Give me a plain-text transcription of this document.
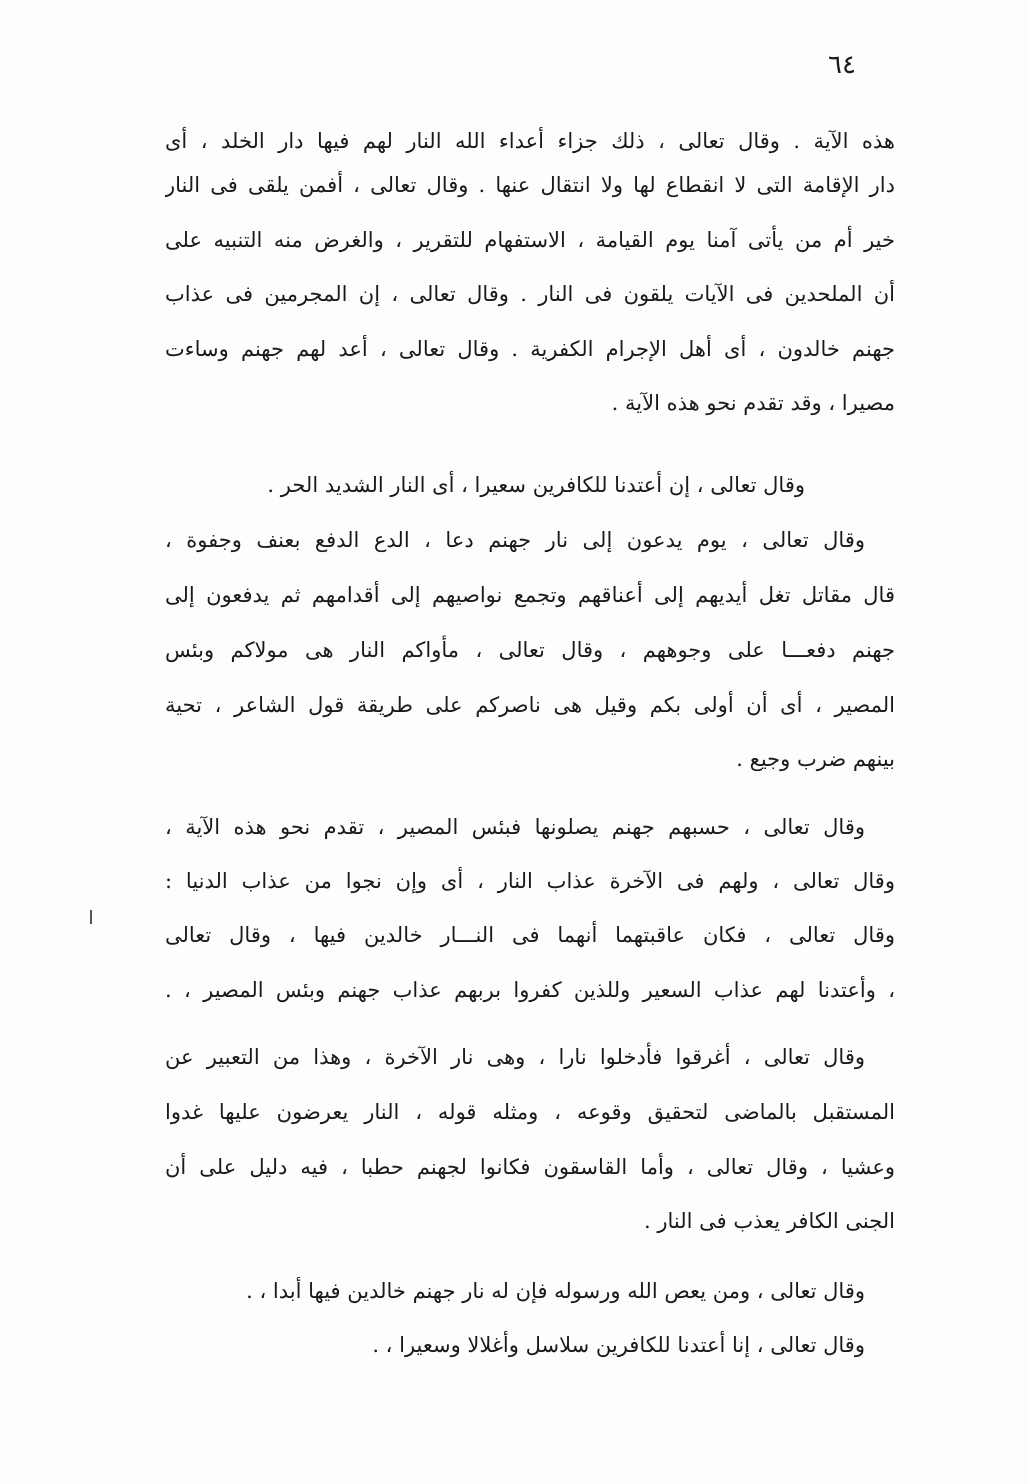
٦٤
هذه الآية . وقال تعالى ، ذلك جزاء أعداء الله النار لهم فيها دار الخلد ، أى
دار الإقامة التى لا انقطاع لها ولا انتقال عنها . وقال تعالى ، أفمن يلقى فى النار
خير أم من يأتى آمنا يوم القيامة ، الاستفهام للتقرير ، والغرض منه التنبيه على
أن الملحدين فى الآيات يلقون فى النار . وقال تعالى ، إن المجرمين فى عذاب
جهنم خالدون ، أى أهل الإجرام الكفرية . وقال تعالى ، أعد لهم جهنم وساءت
مصيرا ، وقد تقدم نحو هذه الآية .
وقال تعالى ، إن أعتدنا للكافرين سعيرا ، أى النار الشديد الحر .
وقال تعالى ، يوم يدعون إلى نار جهنم دعا ، الدع الدفع بعنف وجفوة ،
قال مقاتل تغل أيديهم إلى أعناقهم وتجمع نواصيهم إلى أقدامهم ثم يدفعون إلى
جهنم دفعـــا على وجوههم ، وقال تعالى ، مأواكم النار هى مولاكم وبئس
المصير ، أى أن أولى بكم وقيل هى ناصركم على طريقة قول الشاعر ، تحية
بينهم ضرب وجيع .
وقال تعالى ، حسبهم جهنم يصلونها فبئس المصير ، تقدم نحو هذه الآية ،
وقال تعالى ، ولهم فى الآخرة عذاب النار ، أى وإن نجوا من عذاب الدنيا :
وقال تعالى ، فكان عاقبتهما أنهما فى النـــار خالدين فيها ، وقال تعالى
، وأعتدنا لهم عذاب السعير وللذين كفروا بربهم عذاب جهنم وبئس المصير ، .
وقال تعالى ، أغرقوا فأدخلوا نارا ، وهى نار الآخرة ، وهذا من التعبير عن
المستقبل بالماضى لتحقيق وقوعه ، ومثله قوله ، النار يعرضون عليها غدوا
وعشيا ، وقال تعالى ، وأما القاسقون فكانوا لجهنم حطبا ، فيه دليل على أن
الجنى الكافر يعذب فى النار .
وقال تعالى ، ومن يعص الله ورسوله فإن له نار جهنم خالدين فيها أبدا ، .
وقال تعالى ، إنا أعتدنا للكافرين سلاسل وأغلالا وسعيرا ، .
